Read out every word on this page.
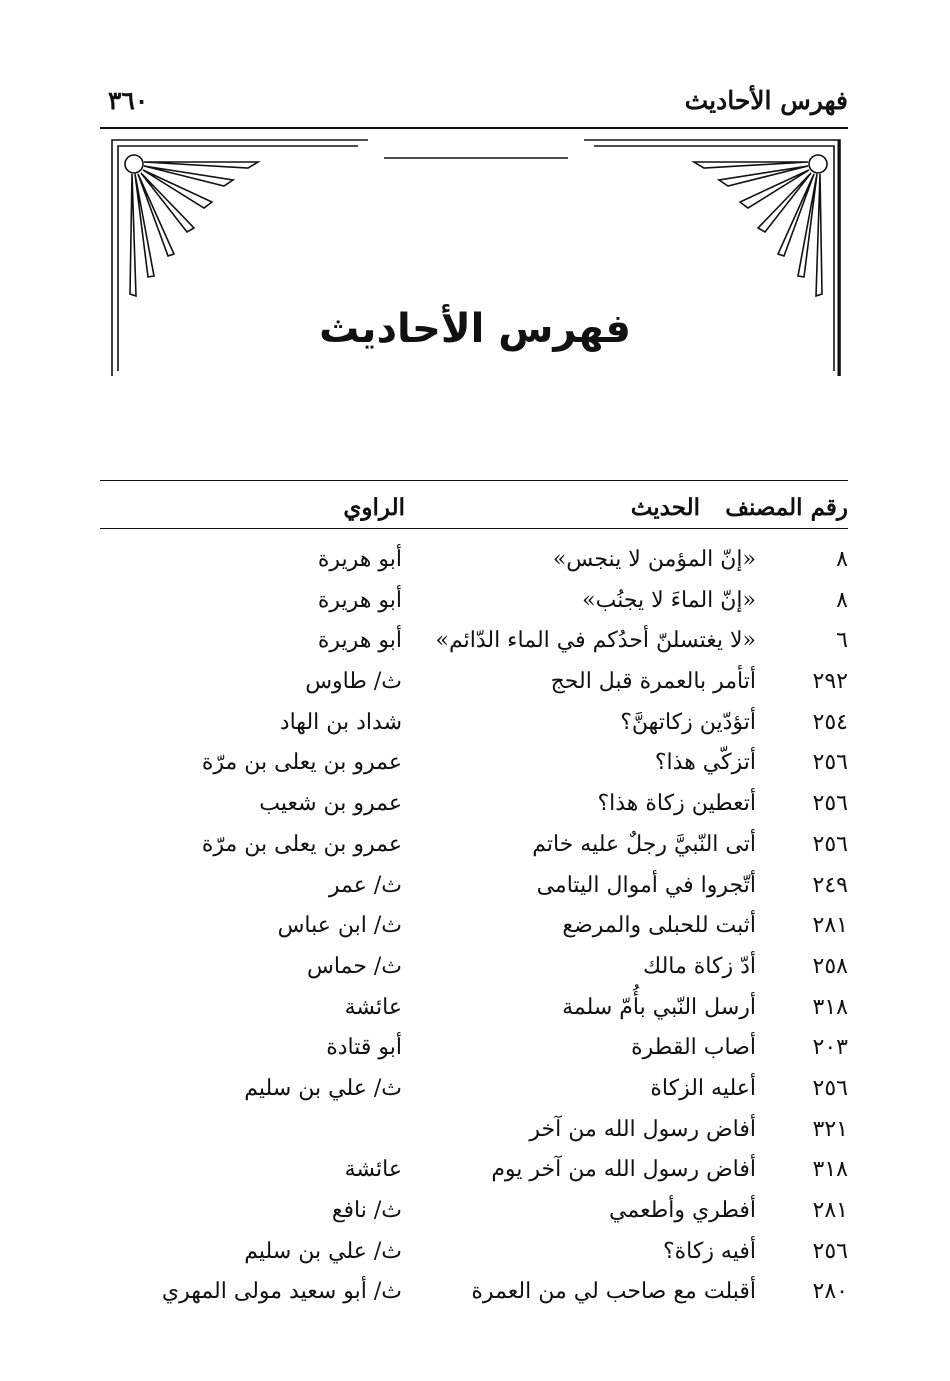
فهرس الأحاديث
٣٦٠
فهرس الأحاديث
رقم المصنف
الحديث
الراوي
٨
«إنّ المؤمن لا ينجس»
أبو هريرة
٨
«إنّ الماءَ لا يجنُب»
أبو هريرة
٦
«لا يغتسلنّ أحدُكم في الماء الدّائم»
أبو هريرة
٢٩٢
أتأمر بالعمرة قبل الحج
ث/ طاوس
٢٥٤
أتؤدّين زكاتهنَّ؟
شداد بن الهاد
٢٥٦
أتزكّي هذا؟
عمرو بن يعلى بن مرّة
٢٥٦
أتعطين زكاة هذا؟
عمرو بن شعيب
٢٥٦
أتى النّبيَّ رجلٌ عليه خاتم
عمرو بن يعلى بن مرّة
٢٤٩
أتّجروا في أموال اليتامى
ث/ عمر
٢٨١
أثبت للحبلى والمرضع
ث/ ابن عباس
٢٥٨
أدّ زكاة مالك
ث/ حماس
٣١٨
أرسل النّبي بأُمّ سلمة
عائشة
٢٠٣
أصاب القطرة
أبو قتادة
٢٥٦
أعليه الزكاة
ث/ علي بن سليم
٣٢١
أفاض رسول الله من آخر
٣١٨
أفاض رسول الله من آخر يوم
عائشة
٢٨١
أفطري وأطعمي
ث/ نافع
٢٥٦
أفيه زكاة؟
ث/ علي بن سليم
٢٨٠
أقبلت مع صاحب لي من العمرة
ث/ أبو سعيد مولى المهري
